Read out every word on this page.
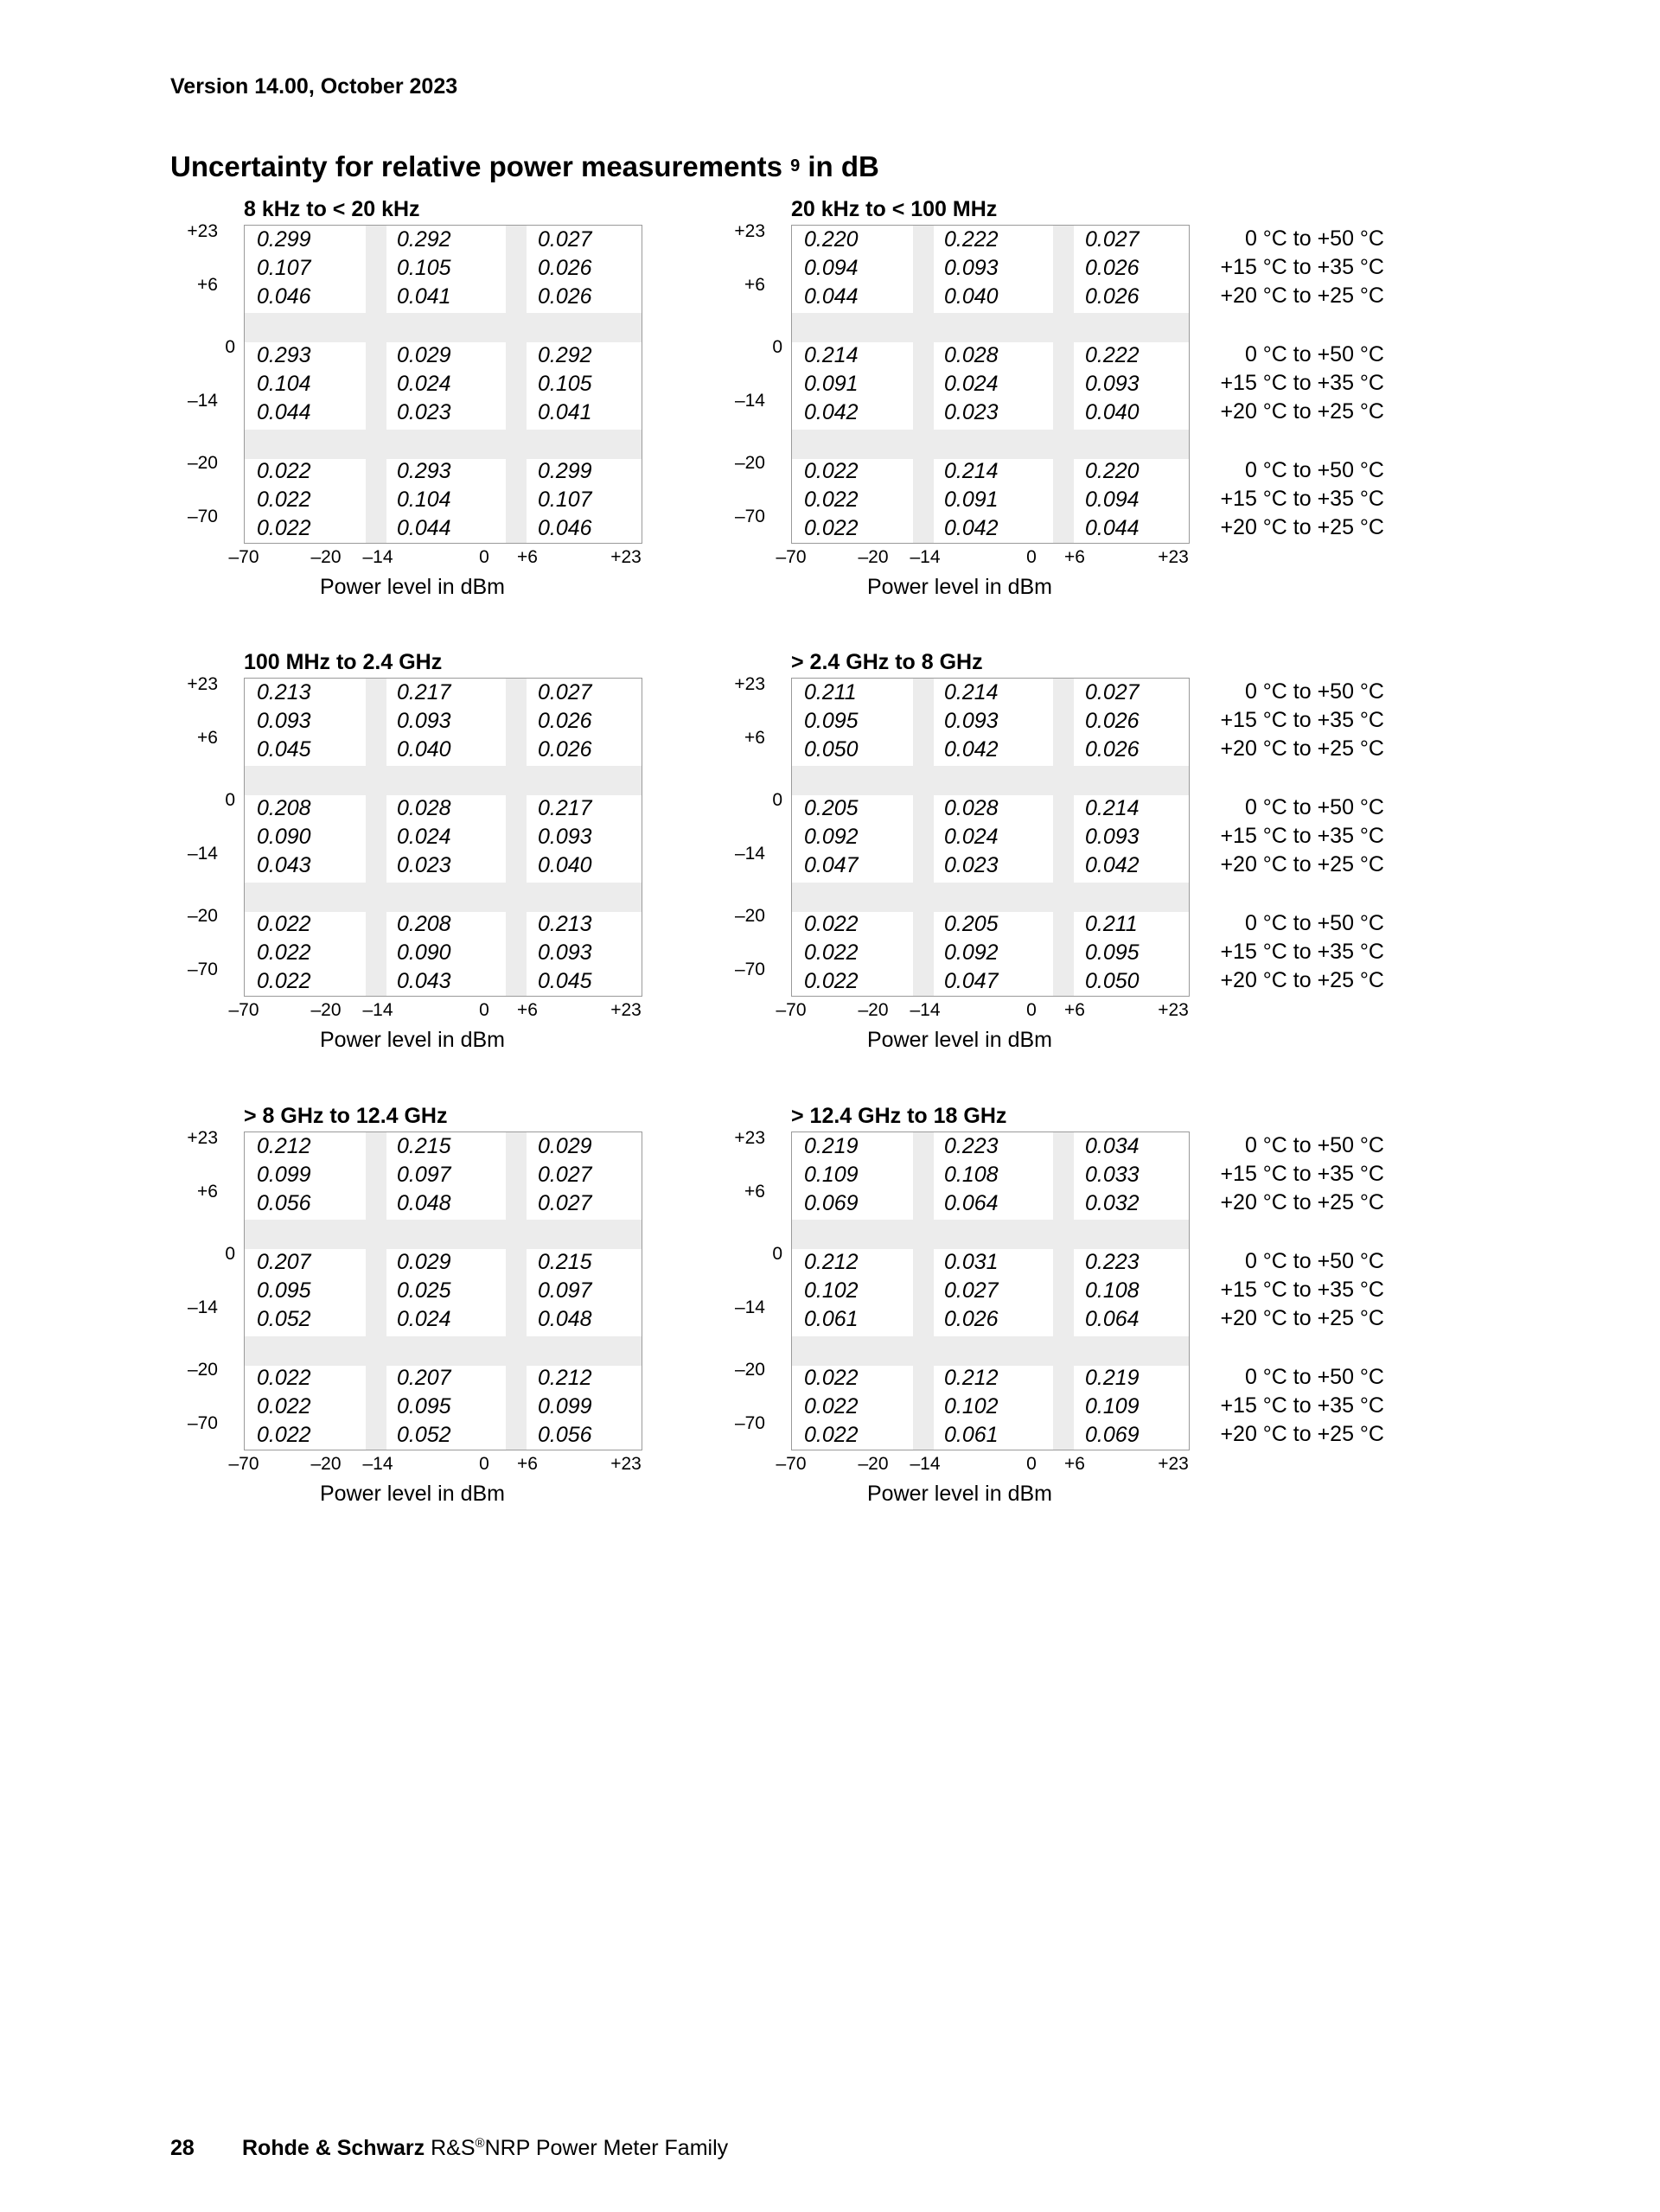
Version 14.00, October 2023
Uncertainty for relative power measurements $^9$ in dB
8 kHz to < 20 kHz
0.299	0.292	0.027
0.107	0.105	0.026
0.046	0.041	0.026
0.293	0.029	0.292
0.104	0.024	0.105
0.044	0.023	0.041
0.022	0.293	0.299
0.022	0.104	0.107
0.022	0.044	0.046
+23
+6
0
–14
–20
–70
–70	–20 –14	0 +6	+23
Power level in dBm
20 kHz to < 100 MHz
0.220	0.222	0.027
0.094	0.093	0.026
0.044	0.040	0.026
0.214	0.028	0.222
0.091	0.024	0.093
0.042	0.023	0.040
0.022	0.214	0.220
0.022	0.091	0.094
0.022	0.042	0.044
+23
+6
0
–14
–20
–70
–70	–20 –14	0 +6	+23
Power level in dBm
0 °C to +50 °C
+15 °C to +35 °C
+20 °C to +25 °C
0 °C to +50 °C
+15 °C to +35 °C
+20 °C to +25 °C
0 °C to +50 °C
+15 °C to +35 °C
+20 °C to +25 °C
100 MHz to 2.4 GHz
0.213	0.217	0.027
0.093	0.093	0.026
0.045	0.040	0.026
0.208	0.028	0.217
0.090	0.024	0.093
0.043	0.023	0.040
0.022	0.208	0.213
0.022	0.090	0.093
0.022	0.043	0.045
+23
+6
0
–14
–20
–70
–70	–20 –14	0 +6	+23
Power level in dBm
> 2.4 GHz to 8 GHz
0.211	0.214	0.027
0.095	0.093	0.026
0.050	0.042	0.026
0.205	0.028	0.214
0.092	0.024	0.093
0.047	0.023	0.042
0.022	0.205	0.211
0.022	0.092	0.095
0.022	0.047	0.050
+23
+6
0
–14
–20
–70
–70	–20 –14	0 +6	+23
Power level in dBm
0 °C to +50 °C
+15 °C to +35 °C
+20 °C to +25 °C
0 °C to +50 °C
+15 °C to +35 °C
+20 °C to +25 °C
0 °C to +50 °C
+15 °C to +35 °C
+20 °C to +25 °C
> 8 GHz to 12.4 GHz
0.212	0.215	0.029
0.099	0.097	0.027
0.056	0.048	0.027
0.207	0.029	0.215
0.095	0.025	0.097
0.052	0.024	0.048
0.022	0.207	0.212
0.022	0.095	0.099
0.022	0.052	0.056
+23
+6
0
–14
–20
–70
–70	–20 –14	0 +6	+23
Power level in dBm
> 12.4 GHz to 18 GHz
0.219	0.223	0.034
0.109	0.108	0.033
0.069	0.064	0.032
0.212	0.031	0.223
0.102	0.027	0.108
0.061	0.026	0.064
0.022	0.212	0.219
0.022	0.102	0.109
0.022	0.061	0.069
+23
+6
0
–14
–20
–70
–70	–20 –14	0 +6	+23
Power level in dBm
0 °C to +50 °C
+15 °C to +35 °C
+20 °C to +25 °C
0 °C to +50 °C
+15 °C to +35 °C
+20 °C to +25 °C
0 °C to +50 °C
+15 °C to +35 °C
+20 °C to +25 °C
28 Rohde & Schwarz R&S®NRP Power Meter Family
